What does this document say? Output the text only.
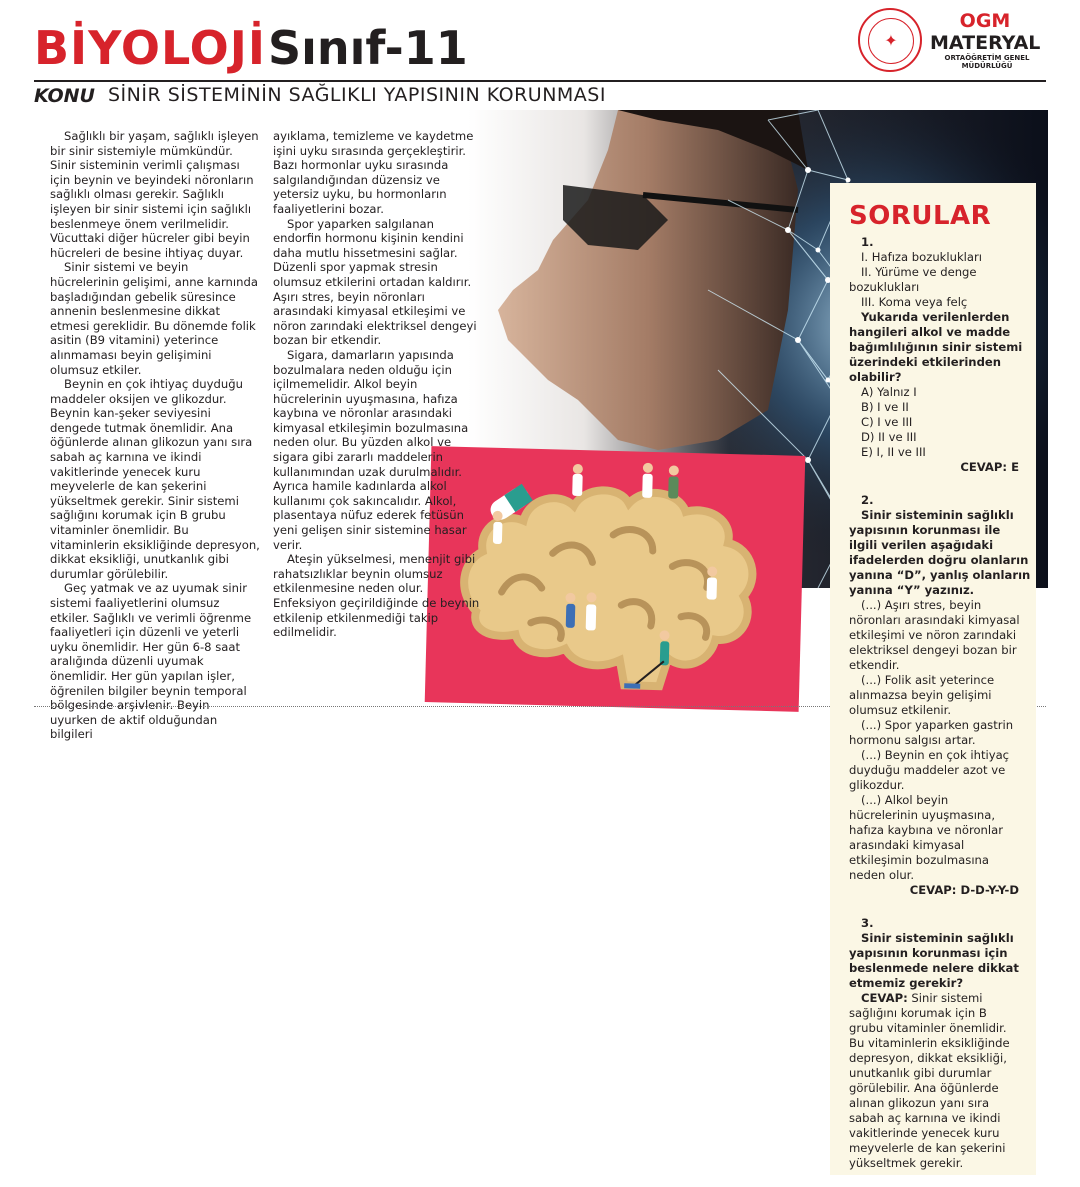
BİYOLOJİ Sınıf-11
KONU SİNİR SİSTEMİNİN SAĞLIKLI YAPISININ KORUNMASI
✦
OGM
MATERYAL
ORTAÖĞRETİM GENEL MÜDÜRLÜĞÜ

Sağlıklı bir yaşam, sağlıklı işleyen bir sinir sistemiyle mümkündür. Sinir sisteminin verimli çalışması için beynin ve beyindeki nöronların sağlıklı olması gerekir. Sağlıklı işleyen bir sinir sistemi için sağlıklı beslenmeye önem verilmelidir. Vücuttaki diğer hücreler gibi beyin hücreleri de besine ihtiyaç duyar.

Sinir sistemi ve beyin hücrelerinin gelişimi, anne karnında başladığından gebelik süresince annenin beslenmesine dikkat etmesi gereklidir. Bu dönemde folik asitin (B9 vitamini) yeterince alınmaması beyin gelişimini olumsuz etkiler.

Beynin en çok ihtiyaç duyduğu maddeler oksijen ve glikozdur. Beynin kan-şeker seviyesini dengede tutmak önemlidir. Ana öğünlerde alınan glikozun yanı sıra sabah aç karnına ve ikindi vakitlerinde yenecek kuru meyvelerle de kan şekerini yükseltmek gerekir. Sinir sistemi sağlığını korumak için B grubu vitaminler önemlidir. Bu vitaminlerin eksikliğinde depresyon, dikkat eksikliği, unutkanlık gibi durumlar görülebilir.

Geç yatmak ve az uyumak sinir sistemi faaliyetlerini olumsuz etkiler. Sağlıklı ve verimli öğrenme faaliyetleri için düzenli ve yeterli uyku önemlidir. Her gün 6-8 saat aralığında düzenli uyumak önemlidir. Her gün yapılan işler, öğrenilen bilgiler beynin temporal bölgesinde arşivlenir. Beyin uyurken de aktif olduğundan bilgileri

ayıklama, temizleme ve kaydetme işini uyku sırasında gerçekleştirir. Bazı hormonlar uyku sırasında salgılandığından düzensiz ve yetersiz uyku, bu hormonların faaliyetlerini bozar.

Spor yaparken salgılanan endorfin hormonu kişinin kendini daha mutlu hissetmesini sağlar. Düzenli spor yapmak stresin olumsuz etkilerini ortadan kaldırır. Aşırı stres, beyin nöronları arasındaki kimyasal etkileşimi ve nöron zarındaki elektriksel dengeyi bozan bir etkendir.

Sigara, damarların yapısında bozulmalara neden olduğu için içilmemelidir. Alkol beyin hücrelerinin uyuşmasına, hafıza kaybına ve nöronlar arasındaki kimyasal etkileşimin bozulmasına neden olur. Bu yüzden alkol ve sigara gibi zararlı maddelerin kullanımından uzak durulmalıdır. Ayrıca hamile kadınlarda alkol kullanımı çok sakıncalıdır. Alkol, plasentaya nüfuz ederek fetüsün yeni gelişen sinir sistemine hasar verir.

Ateşin yükselmesi, menenjit gibi rahatsızlıklar beynin olumsuz etkilenmesine neden olur. Enfeksiyon geçirildiğinde de beynin etkilenip etkilenmediği takip edilmelidir.

SORULAR
1.
I. Hafıza bozuklukları
II. Yürüme ve denge
bozuklukları
III. Koma veya felç
Yukarıda verilenlerden
hangileri alkol ve madde
bağımlılığının sinir sistemi
üzerindeki etkilerinden
olabilir?
A) Yalnız I
B) I ve II
C) I ve III
D) II ve III
E) I, II ve III
CEVAP: E
2.
Sinir sisteminin sağlıklı
yapısının korunması ile
ilgili verilen aşağıdaki
ifadelerden doğru olanların
yanına “D”, yanlış olanların
yanına “Y” yazınız.
(...) Aşırı stres, beyin
nöronları arasındaki kimyasal
etkileşimi ve nöron zarındaki
elektriksel dengeyi bozan bir
etkendir.
(...) Folik asit yeterince
alınmazsa beyin gelişimi
olumsuz etkilenir.
(...) Spor yaparken gastrin
hormonu salgısı artar.
(...) Beynin en çok ihtiyaç
duyduğu maddeler azot ve
glikozdur.
(...) Alkol beyin
hücrelerinin uyuşmasına,
hafıza kaybına ve nöronlar
arasındaki kimyasal
etkileşimin bozulmasına
neden olur.
CEVAP: D-D-Y-Y-D
3.
Sinir sisteminin sağlıklı
yapısının korunması için
beslenmede nelere dikkat
etmemiz gerekir?
CEVAP: Sinir sistemi
sağlığını korumak için B
grubu vitaminler önemlidir.
Bu vitaminlerin eksikliğinde
depresyon, dikkat eksikliği,
unutkanlık gibi durumlar
görülebilir. Ana öğünlerde
alınan glikozun yanı sıra
sabah aç karnına ve ikindi
vakitlerinde yenecek kuru
meyvelerle de kan şekerini
yükseltmek gerekir.
